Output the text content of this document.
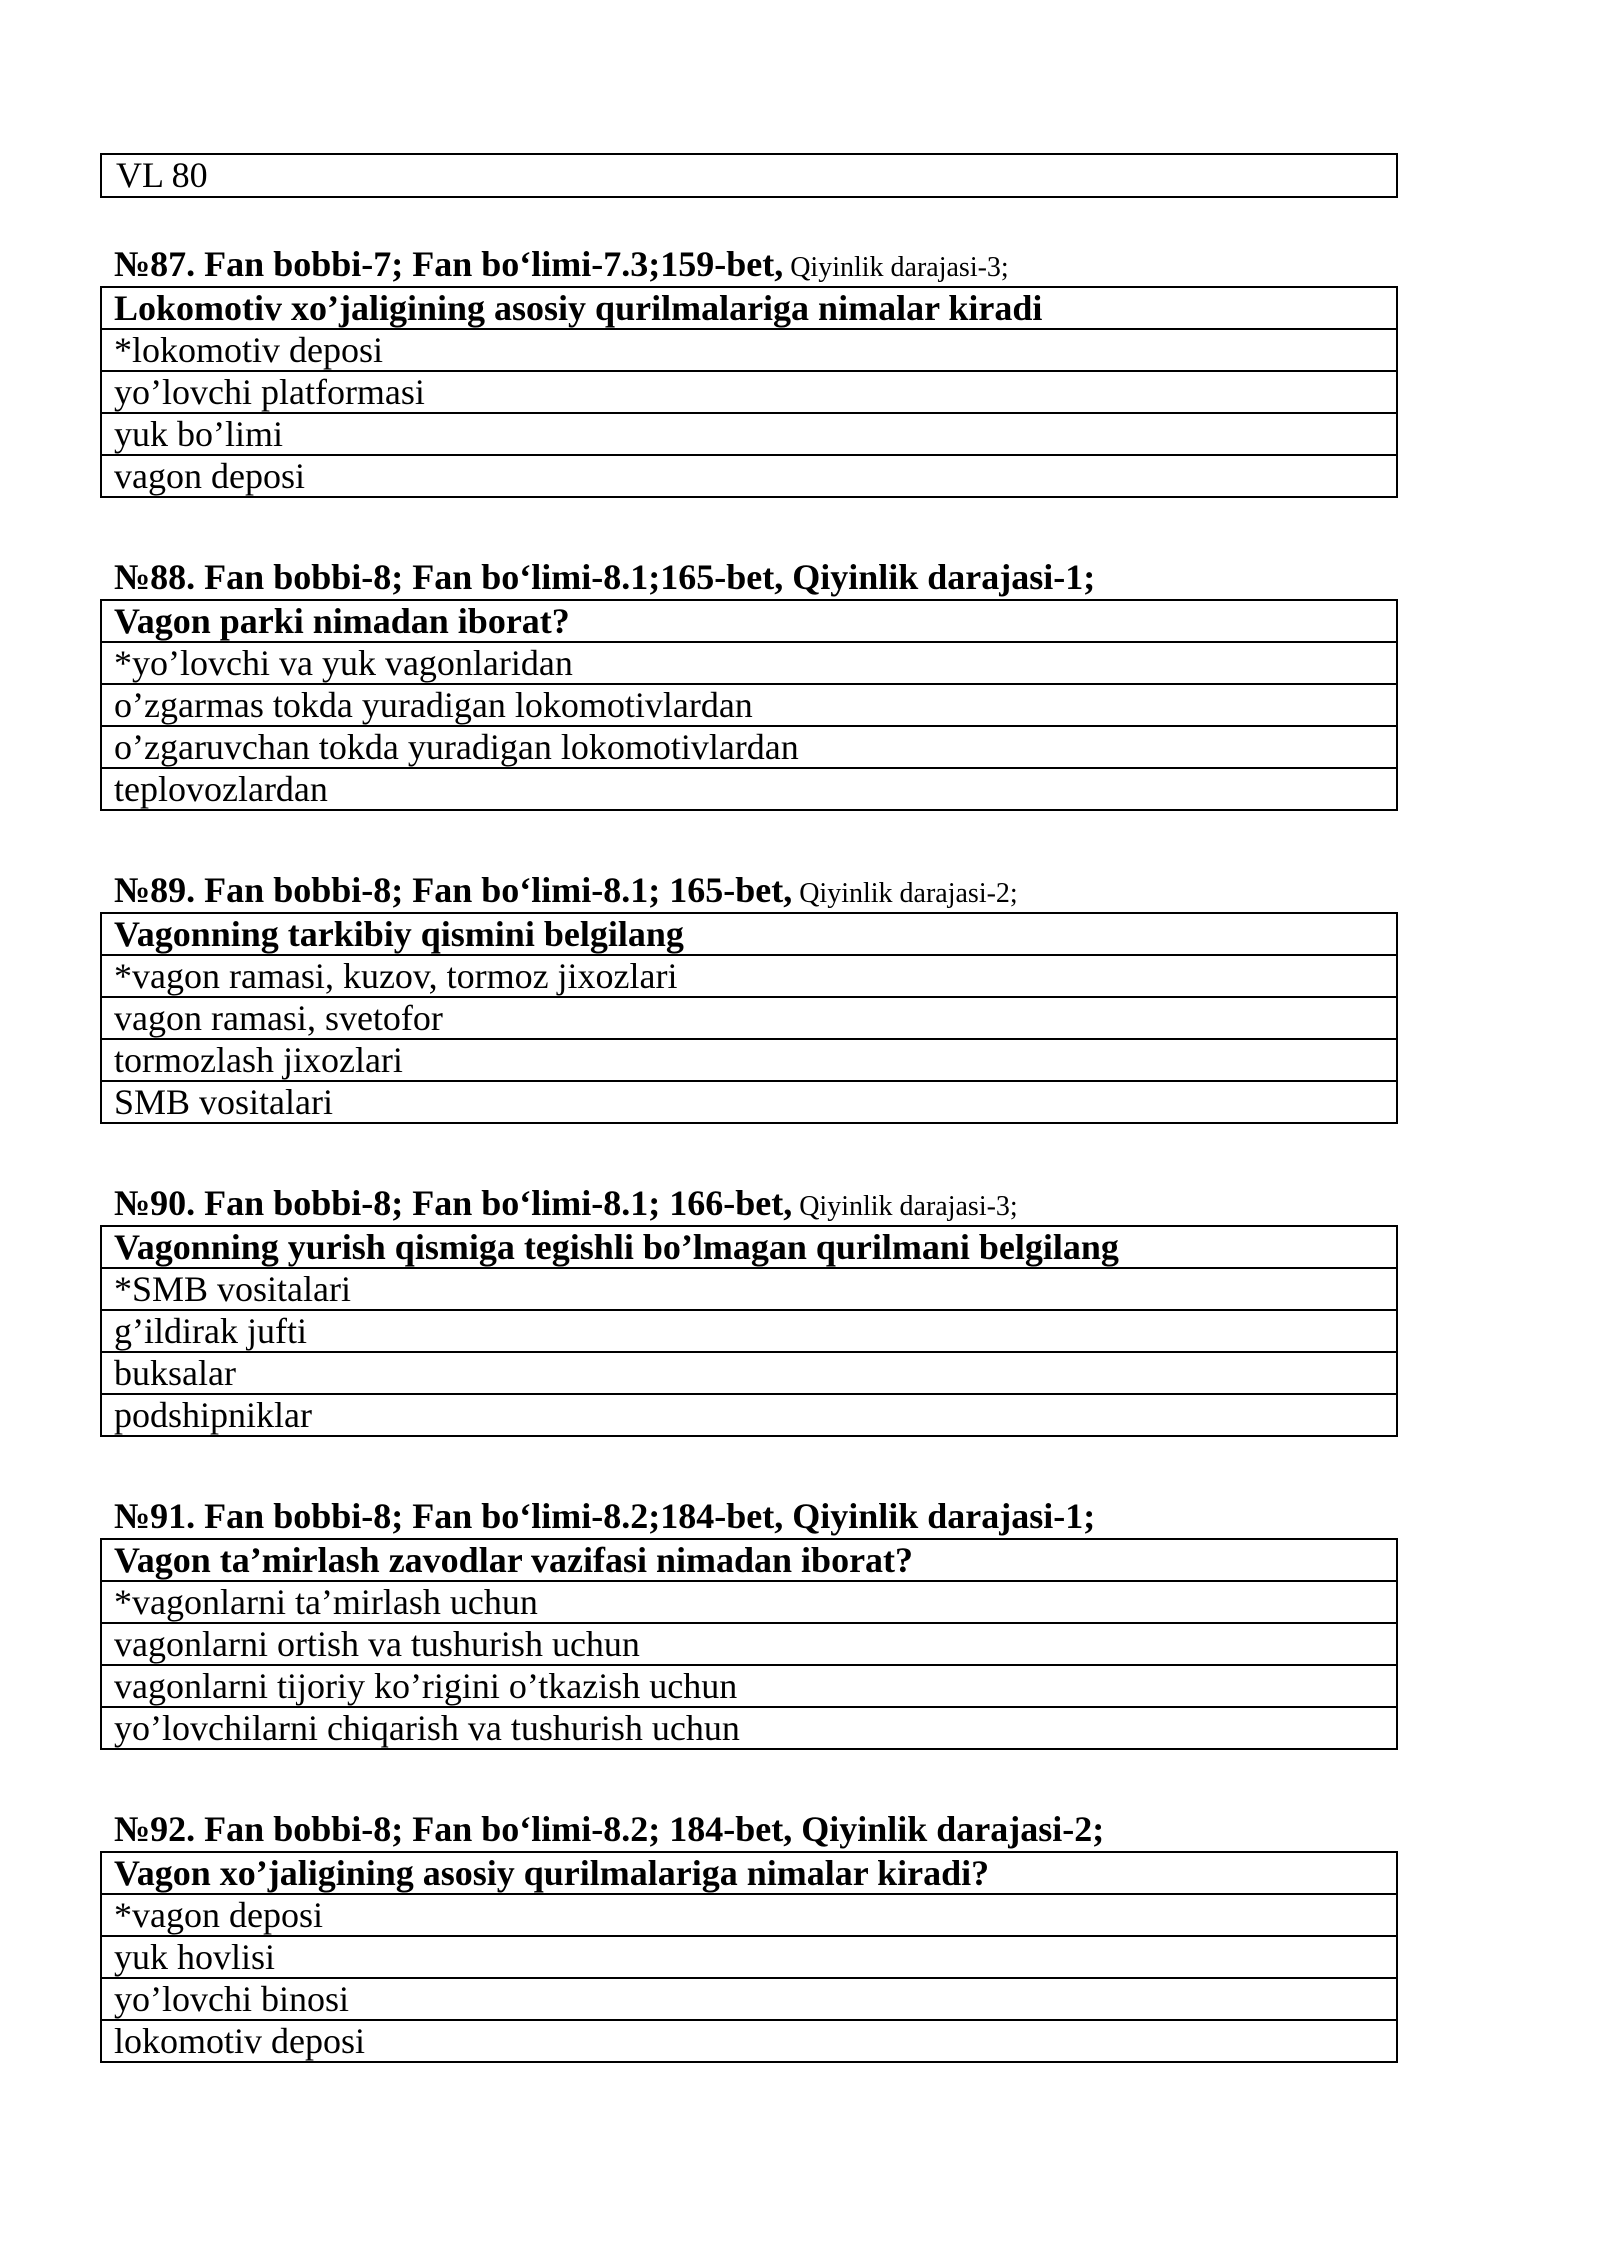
VL 80
№87. Fan bobbi-7; Fan bo‘limi-7.3;159-bet, Qiyinlik darajasi-3;
Lokomotiv xo’jaligining asosiy qurilmalariga nimalar kiradi
*lokomotiv deposi
yo’lovchi platformasi
yuk bo’limi
vagon deposi
№88. Fan bobbi-8; Fan bo‘limi-8.1;165-bet, Qiyinlik darajasi-1;
Vagon parki nimadan iborat?
*yo’lovchi va yuk vagonlaridan
o’zgarmas tokda yuradigan lokomotivlardan
o’zgaruvchan tokda yuradigan lokomotivlardan
teplovozlardan
№89. Fan bobbi-8; Fan bo‘limi-8.1; 165-bet, Qiyinlik darajasi-2;
Vagonning tarkibiy qismini belgilang
*vagon ramasi, kuzov, tormoz jixozlari
vagon ramasi, svetofor
tormozlash jixozlari
SMB vositalari
№90. Fan bobbi-8; Fan bo‘limi-8.1; 166-bet, Qiyinlik darajasi-3;
Vagonning yurish qismiga tegishli bo’lmagan qurilmani belgilang
*SMB vositalari
g’ildirak jufti
buksalar
podshipniklar
№91. Fan bobbi-8; Fan bo‘limi-8.2;184-bet, Qiyinlik darajasi-1;
Vagon ta’mirlash zavodlar vazifasi nimadan iborat?
*vagonlarni ta’mirlash uchun
vagonlarni ortish va tushurish uchun
vagonlarni tijoriy ko’rigini o’tkazish uchun
yo’lovchilarni chiqarish va tushurish uchun
№92. Fan bobbi-8; Fan bo‘limi-8.2; 184-bet, Qiyinlik darajasi-2;
Vagon xo’jaligining asosiy qurilmalariga nimalar kiradi?
*vagon deposi
yuk hovlisi
yo’lovchi binosi
lokomotiv deposi
